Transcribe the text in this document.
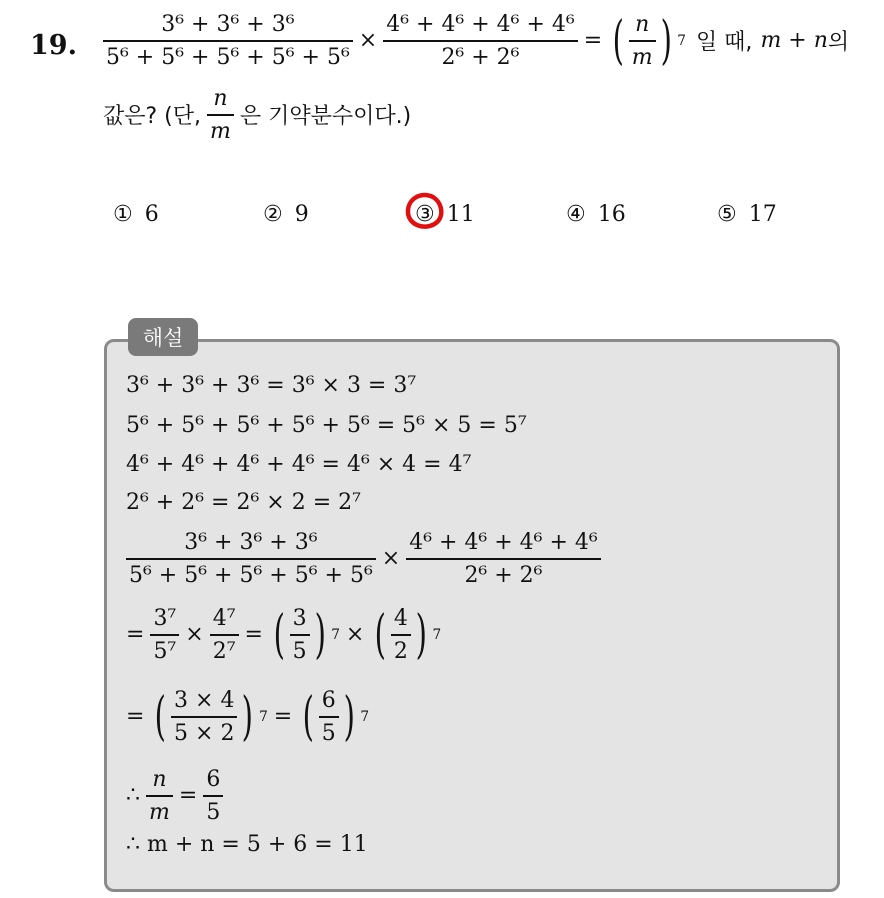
19. $\frac{\text{3⁶ + 3⁶ + 3⁶}}{\text{5⁶ + 5⁶ + 5⁶ + 5⁶ + 5⁶}} \times \frac{\text{4⁶ + 4⁶ + 4⁶ + 4⁶}}{\text{2⁶ + 2⁶}}$ = ( $\frac{n}{m}$ ) 7 일 때, m + n 의
값은? (단, $\frac{n}{m}$ 은 기약분수이다.)
① 6	② 9	③ 11	④ 16	⑤ 17
해설
3⁶ + 3⁶ + 3⁶ = 3⁶ × 3 = 3⁷
5⁶ + 5⁶ + 5⁶ + 5⁶ + 5⁶ = 5⁶ × 5 = 5⁷
4⁶ + 4⁶ + 4⁶ + 4⁶ = 4⁶ × 4 = 4⁷
2⁶ + 2⁶ = 2⁶ × 2 = 2⁷
$\frac{\text{3⁶ + 3⁶ + 3⁶}}{\text{5⁶ + 5⁶ + 5⁶ + 5⁶ + 5⁶}} \times \frac{\text{4⁶ + 4⁶ + 4⁶ + 4⁶}}{\text{2⁶ + 2⁶}}$
= $\frac{\text{3⁷}}{\text{5⁷}} \times \frac{\text{4⁷}}{\text{2⁷}}$ = ( $\frac{3}{5}$ ) 7 × ( $\frac{4}{2}$ ) 7
= ( $\frac{3 \times 4}{5 \times 2}$ ) 7 = ( $\frac{6}{5}$ ) 7
∴ $\frac{n}{m} = \frac{6}{5}$
∴ m + n = 5 + 6 = 11
